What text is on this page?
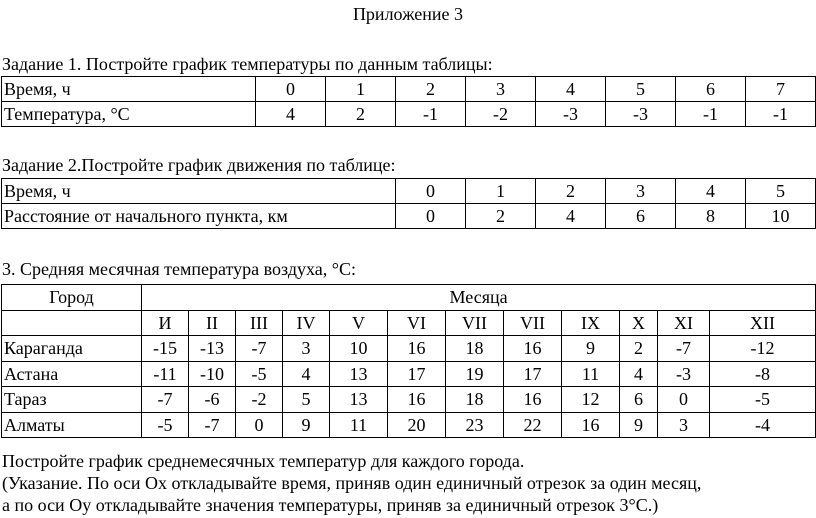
Приложение 3
Задание 1. Постройте график температуры по данным таблицы:
Время, ч	0	1	2	3	4	5	6	7
Температура, °С	4	2	-1	-2	-3	-3	-1	-1
Задание 2.Постройте график движения по таблице:
Время, ч	0	1	2	3	4	5
Расстояние от начального пункта, км	0	2	4	6	8	10
3. Средняя месячная температура воздуха, °С:
Город	Месяца											
	И	II	III	IV	V	VI	VII	VII	IX	X	XI	XII
Караганда	-15	-13	-7	3	10	16	18	16	9	2	-7	-12
Астана	-11	-10	-5	4	13	17	19	17	11	4	-3	-8
Тараз	-7	-6	-2	5	13	16	18	16	12	6	0	-5
Алматы	-5	-7	0	9	11	20	23	22	16	9	3	-4
Постройте график среднемесячных температур для каждого города.
(Указание. По оси Ох откладывайте время, приняв один единичный отрезок за один месяц,
а по оси Оу откладывайте значения температуры, приняв за единичный отрезок 3°С.)
